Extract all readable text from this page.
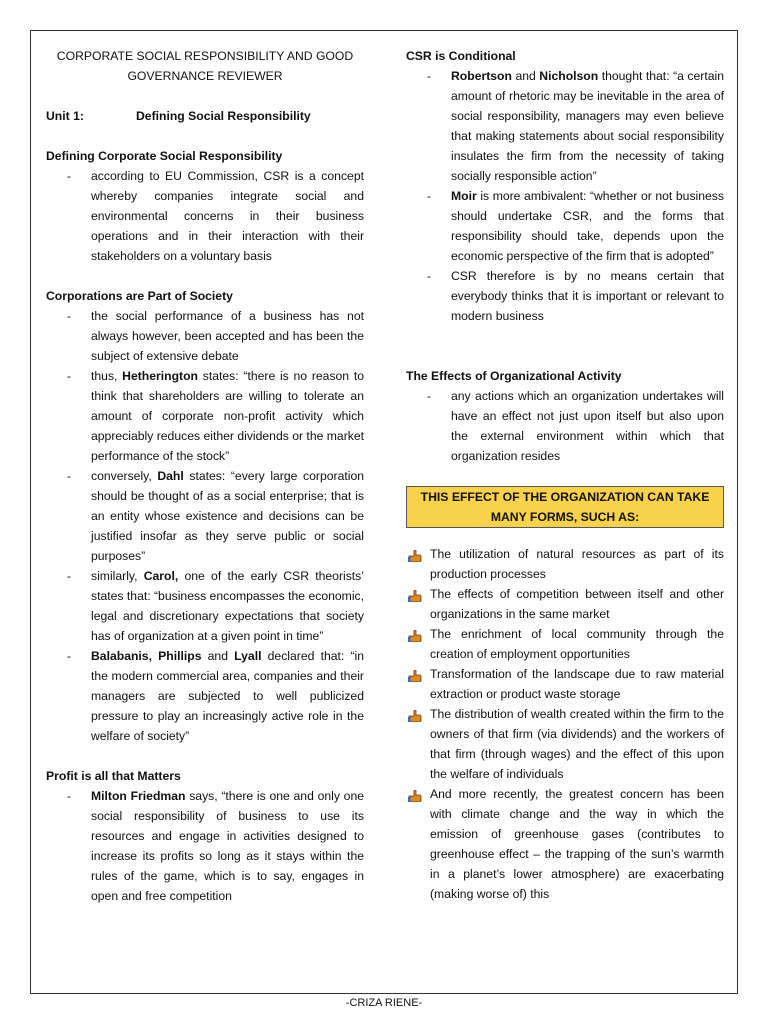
CORPORATE SOCIAL RESPONSIBILITY AND GOOD GOVERNANCE REVIEWER
Unit 1:	Defining Social Responsibility
Defining Corporate Social Responsibility
- according to EU Commission, CSR is a concept whereby companies integrate social and environmental concerns in their business operations and in their interaction with their stakeholders on a voluntary basis
Corporations are Part of Society
- the social performance of a business has not always however, been accepted and has been the subject of extensive debate
- thus, Hetherington states: “there is no reason to think that shareholders are willing to tolerate an amount of corporate non-profit activity which appreciably reduces either dividends or the market performance of the stock”
- conversely, Dahl states: “every large corporation should be thought of as a social enterprise; that is an entity whose existence and decisions can be justified insofar as they serve public or social purposes”
- similarly, Carol, one of the early CSR theorists’ states that: “business encompasses the economic, legal and discretionary expectations that society has of organization at a given point in time”
- Balabanis, Phillips and Lyall declared that: “in the modern commercial area, companies and their managers are subjected to well publicized pressure to play an increasingly active role in the welfare of society”
Profit is all that Matters
- Milton Friedman says, “there is one and only one social responsibility of business to use its resources and engage in activities designed to increase its profits so long as it stays within the rules of the game, which is to say, engages in open and free competition
CSR is Conditional
- Robertson and Nicholson thought that: “a certain amount of rhetoric may be inevitable in the area of social responsibility, managers may even believe that making statements about social responsibility insulates the firm from the necessity of taking socially responsible action”
- Moir is more ambivalent: “whether or not business should undertake CSR, and the forms that responsibility should take, depends upon the economic perspective of the firm that is adopted”
- CSR therefore is by no means certain that everybody thinks that it is important or relevant to modern business
The Effects of Organizational Activity
- any actions which an organization undertakes will have an effect not just upon itself but also upon the external environment within which that organization resides
THIS EFFECT OF THE ORGANIZATION CAN TAKE MANY FORMS, SUCH AS:
The utilization of natural resources as part of its production processes
The effects of competition between itself and other organizations in the same market
The enrichment of local community through the creation of employment opportunities
Transformation of the landscape due to raw material extraction or product waste storage
The distribution of wealth created within the firm to the owners of that firm (via dividends) and the workers of that firm (through wages) and the effect of this upon the welfare of individuals
And more recently, the greatest concern has been with climate change and the way in which the emission of greenhouse gases (contributes to greenhouse effect – the trapping of the sun’s warmth in a planet’s lower atmosphere) are exacerbating (making worse of) this
-CRIZA RIENE-
